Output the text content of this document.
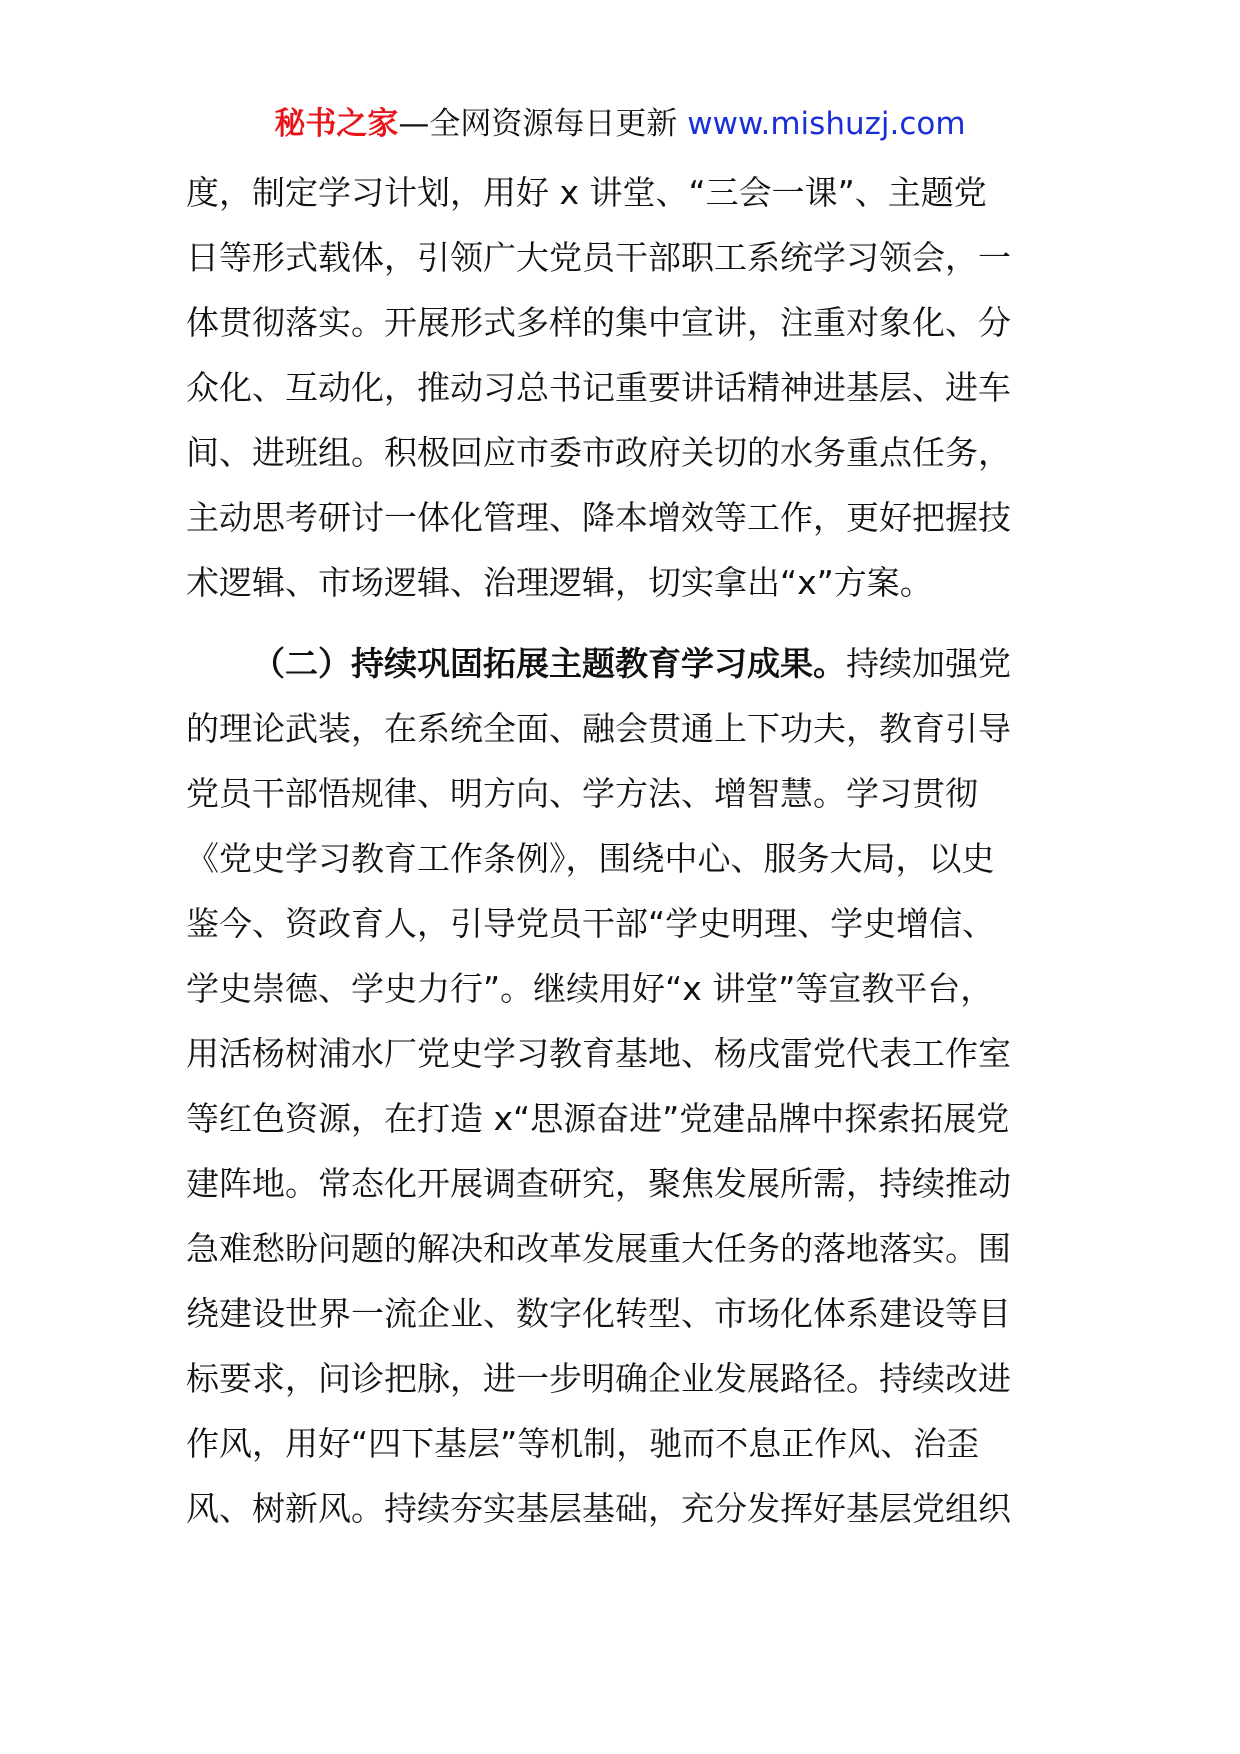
秘书之家—全网资源每日更新 www.mishuzj.com
度，制定学习计划，用好 x 讲堂、“三会一课”、主题党
日等形式载体，引领广大党员干部职工系统学习领会，一
体贯彻落实。开展形式多样的集中宣讲，注重对象化、分
众化、互动化，推动习总书记重要讲话精神进基层、进车
间、进班组。积极回应市委市政府关切的水务重点任务，
主动思考研讨一体化管理、降本增效等工作，更好把握技
术逻辑、市场逻辑、治理逻辑，切实拿出“x”方案。
（二）持续巩固拓展主题教育学习成果。持续加强党
的理论武装，在系统全面、融会贯通上下功夫，教育引导
党员干部悟规律、明方向、学方法、增智慧。学习贯彻
《党史学习教育工作条例》，围绕中心、服务大局，以史
鉴今、资政育人，引导党员干部“学史明理、学史增信、
学史崇德、学史力行”。继续用好“x 讲堂”等宣教平台，
用活杨树浦水厂党史学习教育基地、杨戌雷党代表工作室
等红色资源，在打造 x“思源奋进”党建品牌中探索拓展党
建阵地。常态化开展调查研究，聚焦发展所需，持续推动
急难愁盼问题的解决和改革发展重大任务的落地落实。围
绕建设世界一流企业、数字化转型、市场化体系建设等目
标要求，问诊把脉，进一步明确企业发展路径。持续改进
作风，用好“四下基层”等机制，驰而不息正作风、治歪
风、树新风。持续夯实基层基础，充分发挥好基层党组织
